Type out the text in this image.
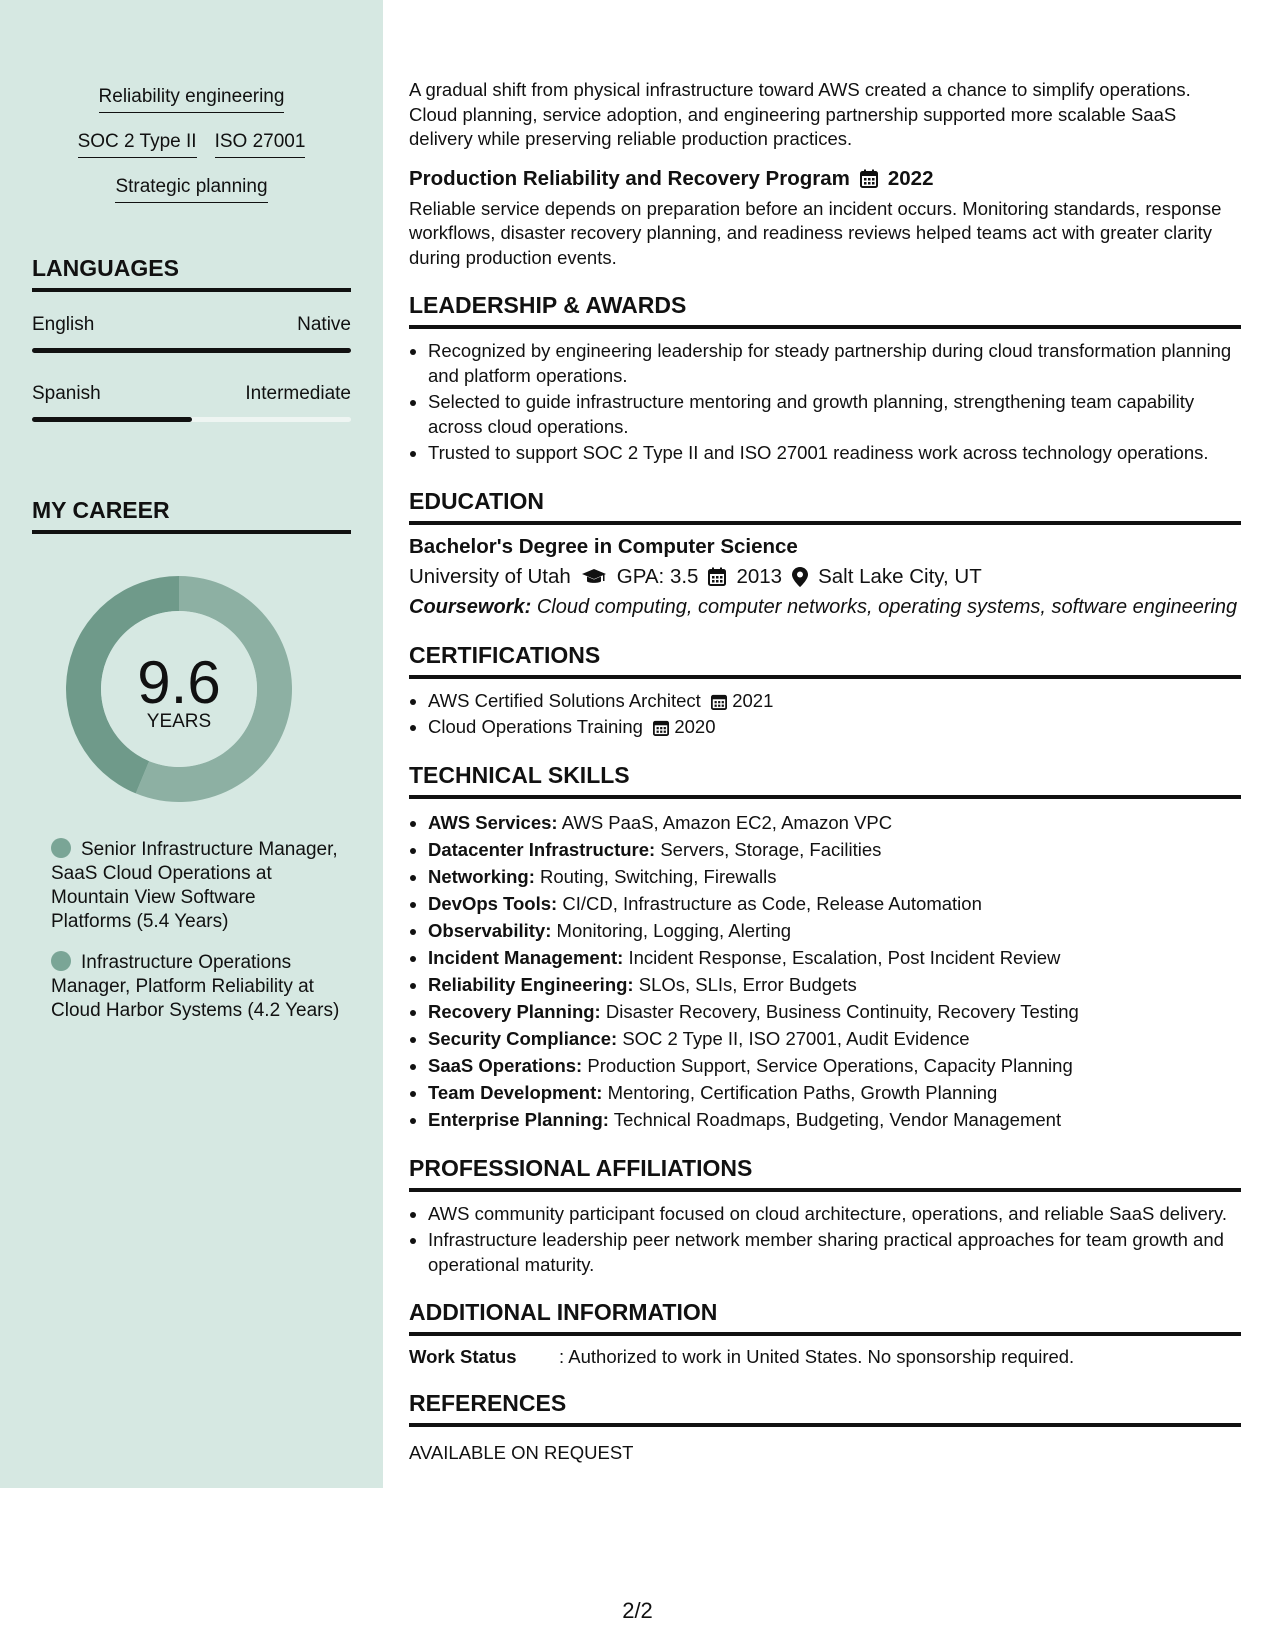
Reliability engineering
SOC 2 Type II ISO 27001
Strategic planning
LANGUAGES
English	Native
Spanish	Intermediate
MY CAREER
9.6
YEARS
Senior Infrastructure Manager, SaaS Cloud Operations at Mountain View Software Platforms (5.4 Years)
Infrastructure Operations Manager, Platform Reliability at Cloud Harbor Systems (4.2 Years)

A gradual shift from physical infrastructure toward AWS created a chance to simplify operations. Cloud planning, service adoption, and engineering partnership supported more scalable SaaS delivery while preserving reliable production practices.

Production Reliability and Recovery Program 2022

Reliable service depends on preparation before an incident occurs. Monitoring standards, response workflows, disaster recovery planning, and readiness reviews helped teams act with greater clarity during production events.

LEADERSHIP & AWARDS
• Recognized by engineering leadership for steady partnership during cloud transformation planning and platform operations.
• Selected to guide infrastructure mentoring and growth planning, strengthening team capability across cloud operations.
• Trusted to support SOC 2 Type II and ISO 27001 readiness work across technology operations.
EDUCATION
Bachelor's Degree in Computer Science
University of Utah GPA: 3.5 2013 Salt Lake City, UT
Coursework: Cloud computing, computer networks, operating systems, software engineering
CERTIFICATIONS
• AWS Certified Solutions Architect 2021
• Cloud Operations Training 2020
TECHNICAL SKILLS
• AWS Services: AWS PaaS, Amazon EC2, Amazon VPC
• Datacenter Infrastructure: Servers, Storage, Facilities
• Networking: Routing, Switching, Firewalls
• DevOps Tools: CI/CD, Infrastructure as Code, Release Automation
• Observability: Monitoring, Logging, Alerting
• Incident Management: Incident Response, Escalation, Post Incident Review
• Reliability Engineering: SLOs, SLIs, Error Budgets
• Recovery Planning: Disaster Recovery, Business Continuity, Recovery Testing
• Security Compliance: SOC 2 Type II, ISO 27001, Audit Evidence
• SaaS Operations: Production Support, Service Operations, Capacity Planning
• Team Development: Mentoring, Certification Paths, Growth Planning
• Enterprise Planning: Technical Roadmaps, Budgeting, Vendor Management
PROFESSIONAL AFFILIATIONS
• AWS community participant focused on cloud architecture, operations, and reliable SaaS delivery.
• Infrastructure leadership peer network member sharing practical approaches for team growth and operational maturity.
ADDITIONAL INFORMATION
Work Status	: Authorized to work in United States. No sponsorship required.
REFERENCES

AVAILABLE ON REQUEST

2/2
